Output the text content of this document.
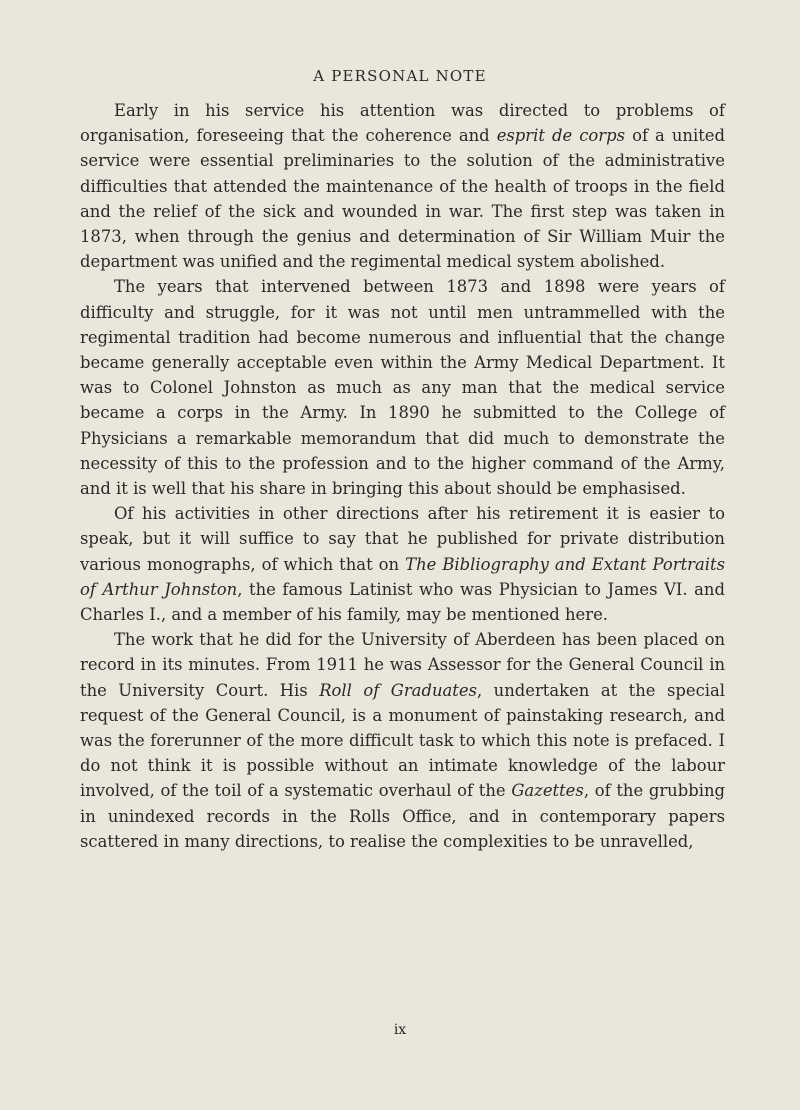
A PERSONAL NOTE

Early in his service his attention was directed to problems of organisation, foreseeing that the coherence and esprit de corps of a united service were essential preliminaries to the solution of the administrative difficulties that attended the maintenance of the health of troops in the field and the relief of the sick and wounded in war. The first step was taken in 1873, when through the genius and determination of Sir William Muir the department was unified and the regimental medical system abolished.

The years that intervened between 1873 and 1898 were years of difficulty and struggle, for it was not until men untrammelled with the regimental tradition had become numerous and influential that the change became generally acceptable even within the Army Medical Department. It was to Colonel Johnston as much as any man that the medical service became a corps in the Army. In 1890 he submitted to the College of Physicians a remarkable memorandum that did much to demonstrate the necessity of this to the profession and to the higher command of the Army, and it is well that his share in bringing this about should be emphasised.

Of his activities in other directions after his retirement it is easier to speak, but it will suffice to say that he published for private distribution various monographs, of which that on The Bibliography and Extant Portraits of Arthur Johnston, the famous Latinist who was Physician to James VI. and Charles I., and a member of his family, may be mentioned here.

The work that he did for the University of Aberdeen has been placed on record in its minutes. From 1911 he was Assessor for the General Council in the University Court. His Roll of Graduates, undertaken at the special request of the General Council, is a monument of painstaking research, and was the forerunner of the more difficult task to which this note is prefaced. I do not think it is possible without an intimate knowledge of the labour involved, of the toil of a systematic overhaul of the Gazettes, of the grubbing in unindexed records in the Rolls Office, and in contemporary papers scattered in many directions, to realise the complexities to be unravelled,

ix
